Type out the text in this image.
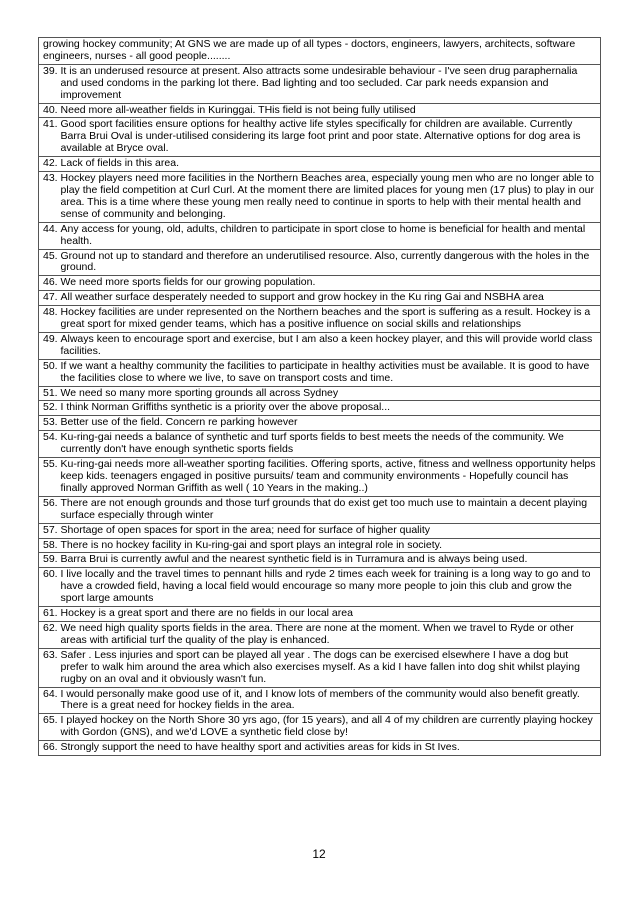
growing hockey community; At GNS we are made up of all types - doctors, engineers, lawyers, architects, software engineers, nurses - all good people........
39. It is an underused resource at present. Also attracts some undesirable behaviour - I've seen drug paraphernalia and used condoms in the parking lot there. Bad lighting and too secluded. Car park needs expansion and improvement
40. Need more all-weather fields in Kuringgai. THis field is not being fully utilised
41. Good sport facilities ensure options for healthy active life styles specifically for children are available. Currently Barra Brui Oval is under-utilised considering its large foot print and poor state. Alternative options for dog area is available at Bryce oval.
42. Lack of fields in this area.
43. Hockey players need more facilities in the Northern Beaches area, especially young men who are no longer able to play the field competition at Curl Curl. At the moment there are limited places for young men (17 plus) to play in our area. This is a time where these young men really need to continue in sports to help with their mental health and sense of community and belonging.
44. Any access for young, old, adults, children to participate in sport close to home is beneficial for health and mental health.
45. Ground not up to standard and therefore an underutilised resource. Also, currently dangerous with the holes in the ground.
46. We need more sports fields for our growing population.
47. All weather surface desperately needed to support and grow hockey in the Ku ring Gai and NSBHA area
48. Hockey facilities are under represented on the Northern beaches and the sport is suffering as a result. Hockey is a great sport for mixed gender teams, which has a positive influence on social skills and relationships
49. Always keen to encourage sport and exercise, but I am also a keen hockey player, and this will provide world class facilities.
50. If we want a healthy community the facilities to participate in healthy activities must be available. It is good to have the facilities close to where we live, to save on transport costs and time.
51. We need so many more sporting grounds all across Sydney
52. I think Norman Griffiths synthetic is a priority over the above proposal...
53. Better use of the field. Concern re parking however
54. Ku-ring-gai needs a balance of synthetic and turf sports fields to best meets the needs of the community. We currently don't have enough synthetic sports fields
55. Ku-ring-gai needs more all-weather sporting facilities. Offering sports, active, fitness and wellness opportunity helps keep kids. teenagers engaged in positive pursuits/ team and community environments - Hopefully council has finally approved Norman Griffith as well ( 10 Years in the making..)
56. There are not enough grounds and those turf grounds that do exist get too much use to maintain a decent playing surface especially through winter
57. Shortage of open spaces for sport in the area; need for surface of higher quality
58. There is no hockey facility in Ku-ring-gai and sport plays an integral role in society.
59. Barra Brui is currently awful and the nearest synthetic field is in Turramura and is always being used.
60. I live locally and the travel times to pennant hills and ryde 2 times each week for training is a long way to go and to have a crowded field, having a local field would encourage so many more people to join this club and grow the sport large amounts
61. Hockey is a great sport and there are no fields in our local area
62. We need high quality sports fields in the area. There are none at the moment. When we travel to Ryde or other areas with artificial turf the quality of the play is enhanced.
63. Safer . Less injuries and sport can be played all year . The dogs can be exercised elsewhere I have a dog but prefer to walk him around the area which also exercises myself. As a kid I have fallen into dog shit whilst playing rugby on an oval and it obviously wasn't fun.
64. I would personally make good use of it, and I know lots of members of the community would also benefit greatly. There is a great need for hockey fields in the area.
65. I played hockey on the North Shore 30 yrs ago, (for 15 years), and all 4 of my children are currently playing hockey with Gordon (GNS), and we'd LOVE a synthetic field close by!
66. Strongly support the need to have healthy sport and activities areas for kids in St Ives.
12
